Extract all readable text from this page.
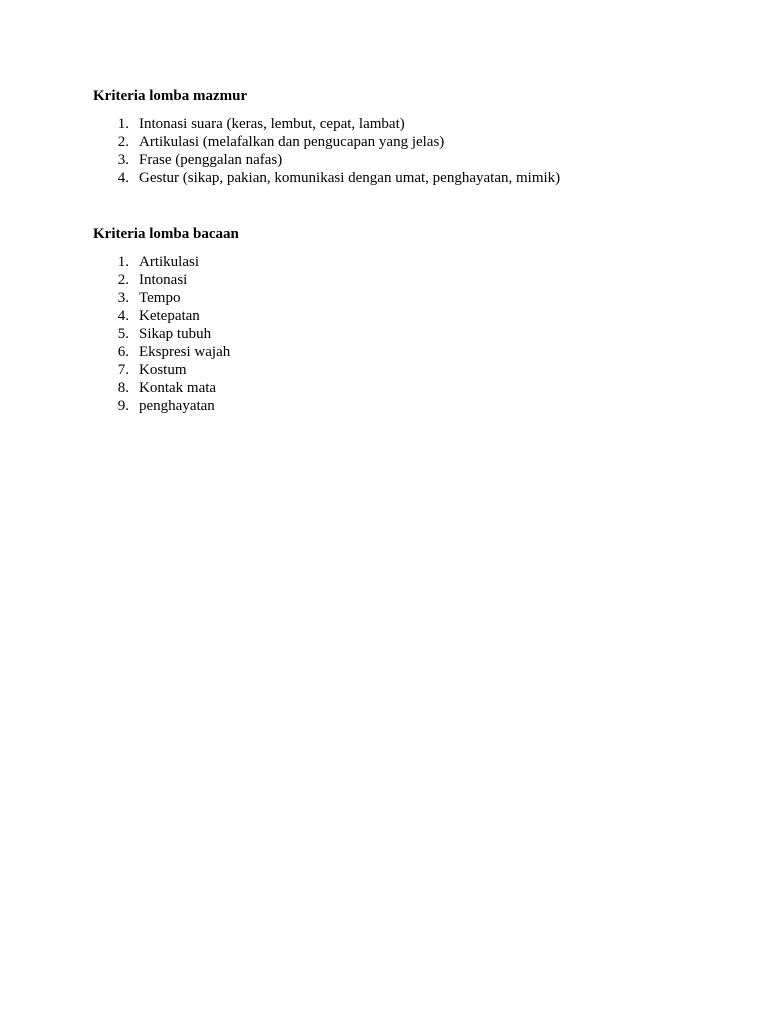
Kriteria lomba mazmur
1. Intonasi suara (keras, lembut, cepat, lambat)
2. Artikulasi (melafalkan dan pengucapan yang jelas)
3. Frase (penggalan nafas)
4. Gestur (sikap, pakian, komunikasi dengan umat, penghayatan, mimik)
Kriteria lomba bacaan
1. Artikulasi
2. Intonasi
3. Tempo
4. Ketepatan
5. Sikap tubuh
6. Ekspresi wajah
7. Kostum
8. Kontak mata
9. penghayatan
